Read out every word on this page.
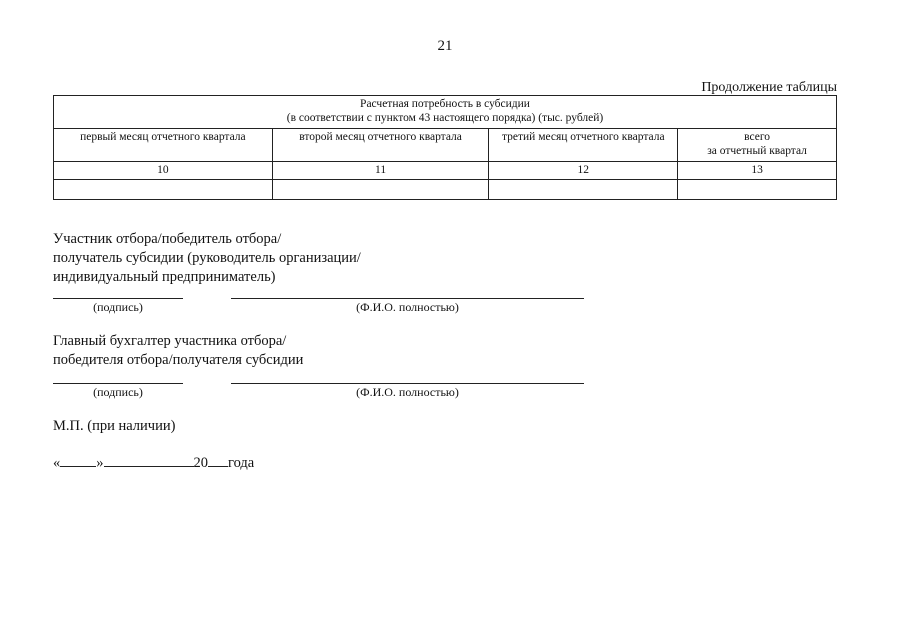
21
Продолжение таблицы
Расчетная потребность в субсидии
(в соответствии с пунктом 43 настоящего порядка) (тыс. рублей)			

первый месяц отчетного квартала	второй месяц отчетного квартала	третий месяц отчетного квартала	всего
за отчетный квартал

10	11	12	13

Участник отбора/победитель отбора/
получатель субсидии (руководитель организации/
индивидуальный предприниматель)
(подпись)	(Ф.И.О. полностью)
Главный бухгалтер участника отбора/
победителя отбора/получателя субсидии
(подпись)	(Ф.И.О. полностью)
М.П. (при наличии)
« »	20 года
